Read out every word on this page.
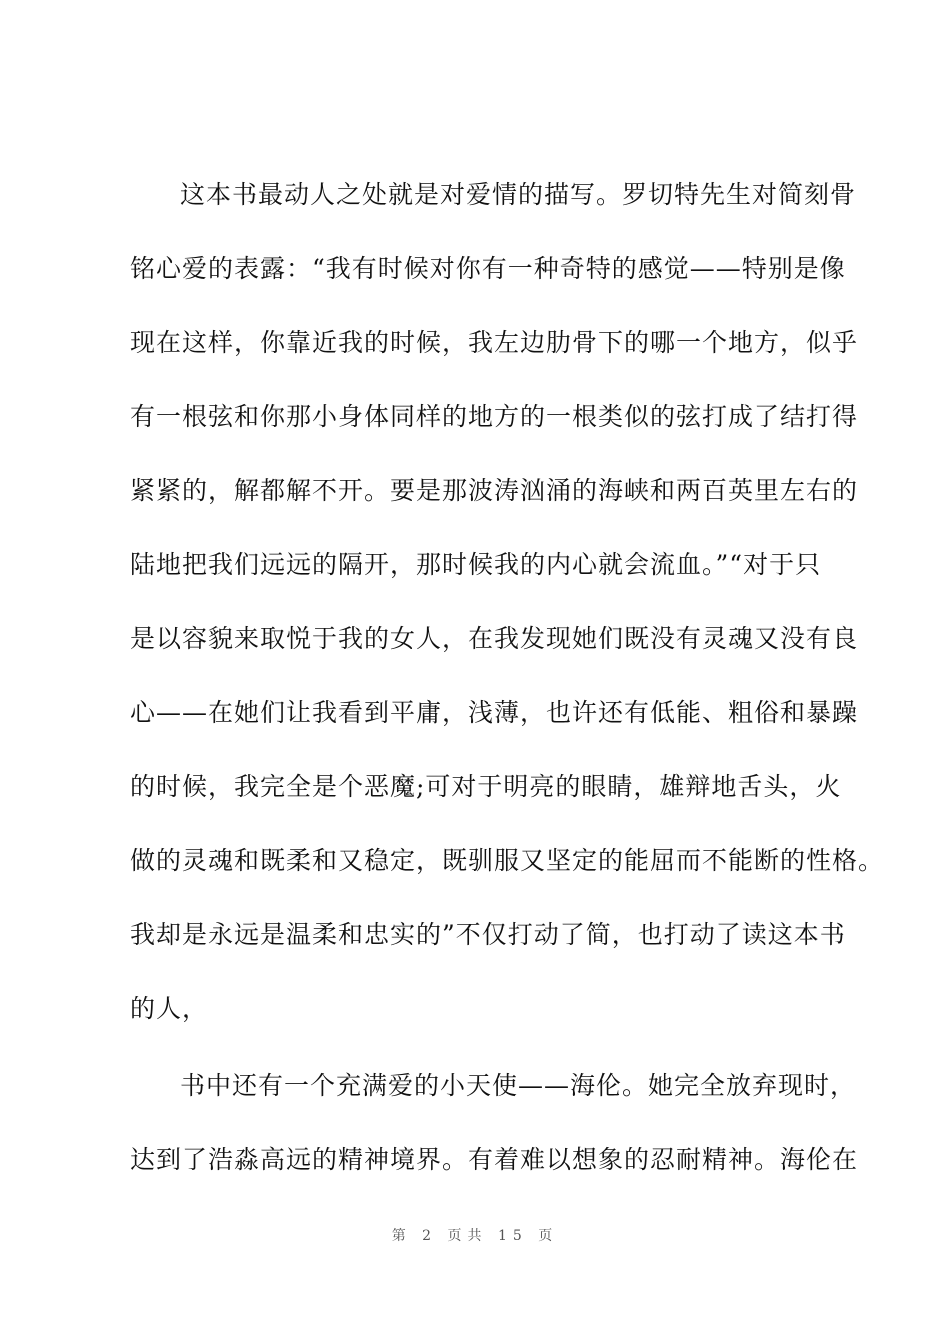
这本书最动人之处就是对爱情的描写。罗切特先生对简刻骨
铭心爱的表露：“我有时候对你有一种奇特的感觉——特别是像
现在这样，你靠近我的时候，我左边肋骨下的哪一个地方，似乎
有一根弦和你那小身体同样的地方的一根类似的弦打成了结打得
紧紧的，解都解不开。要是那波涛汹涌的海峡和两百英里左右的
陆地把我们远远的隔开，那时候我的内心就会流血。”“对于只
是以容貌来取悦于我的女人，在我发现她们既没有灵魂又没有良
心——在她们让我看到平庸，浅薄，也许还有低能、粗俗和暴躁
的时候，我完全是个恶魔;可对于明亮的眼睛，雄辩地舌头，火
做的灵魂和既柔和又稳定，既驯服又坚定的能屈而不能断的性格。
我却是永远是温柔和忠实的”不仅打动了简，也打动了读这本书
的人，
书中还有一个充满爱的小天使——海伦。她完全放弃现时，
达到了浩淼高远的精神境界。有着难以想象的忍耐精神。海伦在
第 2 页共 15 页
